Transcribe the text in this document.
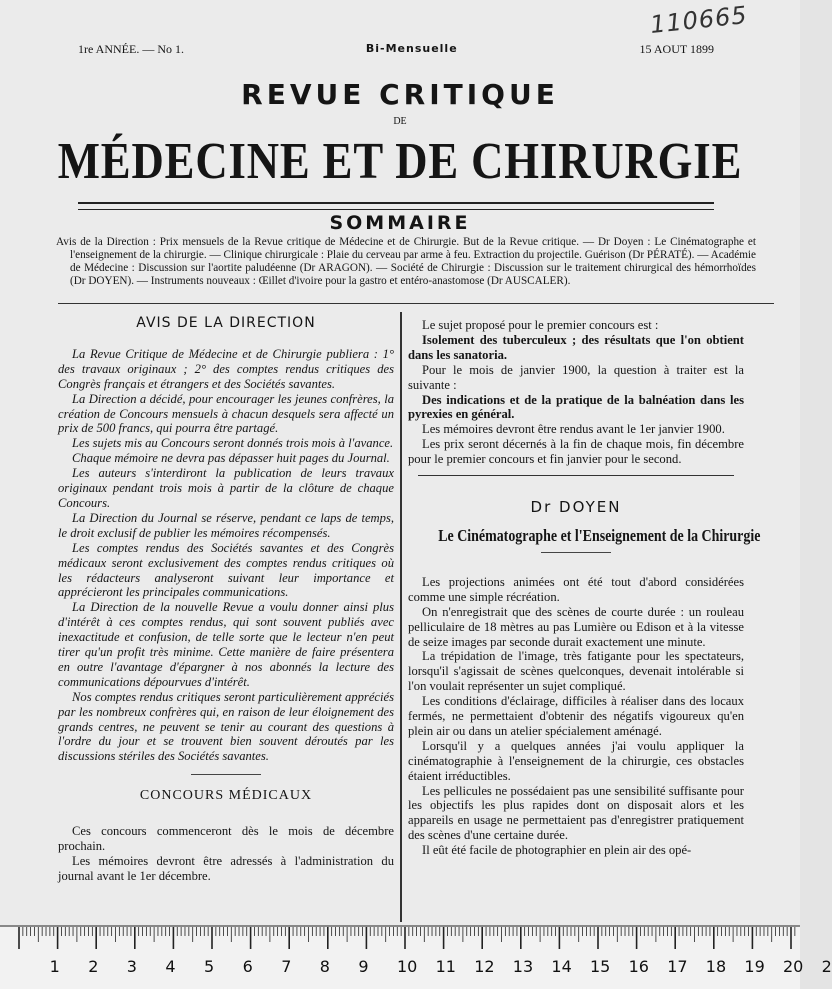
110665
1re ANNÉE. — No 1.	Bi-Mensuelle	15 AOUT 1899
REVUE CRITIQUE
DE
MÉDECINE ET DE CHIRURGIE
SOMMAIRE

Avis de la Direction : Prix mensuels de la Revue critique de Médecine et de Chirurgie. But de la Revue critique. — Dr Doyen : Le Cinématographe et l'enseignement de la chirurgie. — Clinique chirurgicale : Plaie du cerveau par arme à feu. Extraction du projectile. Guérison (Dr PÉRATÉ). — Académie de Médecine : Discussion sur l'aortite paludéenne (Dr ARAGON). — Société de Chirurgie : Discussion sur le traitement chirurgical des hémorrhoïdes (Dr DOYEN). — Instruments nouveaux : Œillet d'ivoire pour la gastro et entéro-anastomose (Dr AUSCALER).

AVIS DE LA DIRECTION

La Revue Critique de Médecine et de Chirurgie publiera : 1° des travaux originaux ; 2° des comptes rendus critiques des Congrès français et étrangers et des Sociétés savantes.

La Direction a décidé, pour encourager les jeunes confrères, la création de Concours mensuels à chacun desquels sera affecté un prix de 500 francs, qui pourra être partagé.

Les sujets mis au Concours seront donnés trois mois à l'avance.

Chaque mémoire ne devra pas dépasser huit pages du Journal.

Les auteurs s'interdiront la publication de leurs travaux originaux pendant trois mois à partir de la clôture de chaque Concours.

La Direction du Journal se réserve, pendant ce laps de temps, le droit exclusif de publier les mémoires récompensés.

Les comptes rendus des Sociétés savantes et des Congrès médicaux seront exclusivement des comptes rendus critiques où les rédacteurs analyseront suivant leur importance et apprécieront les principales communications.

La Direction de la nouvelle Revue a voulu donner ainsi plus d'intérêt à ces comptes rendus, qui sont souvent publiés avec inexactitude et confusion, de telle sorte que le lecteur n'en peut tirer qu'un profit très minime. Cette manière de faire présentera en outre l'avantage d'épargner à nos abonnés la lecture des communications dépourvues d'intérêt.

Nos comptes rendus critiques seront particulièrement appréciés par les nombreux confrères qui, en raison de leur éloignement des grands centres, ne peuvent se tenir au courant des questions à l'ordre du jour et se trouvent bien souvent déroutés par les discussions stériles des Sociétés savantes.

CONCOURS MÉDICAUX

Ces concours commenceront dès le mois de décembre prochain.

Les mémoires devront être adressés à l'administration du journal avant le 1er décembre.

Le sujet proposé pour le premier concours est :

Isolement des tuberculeux ; des résultats que l'on obtient dans les sanatoria.

Pour le mois de janvier 1900, la question à traiter est la suivante :

Des indications et de la pratique de la balnéation dans les pyrexies en général.

Les mémoires devront être rendus avant le 1er janvier 1900.

Les prix seront décernés à la fin de chaque mois, fin décembre pour le premier concours et fin janvier pour le second.

Dr DOYEN
Le Cinématographe et l'Enseignement de la Chirurgie

Les projections animées ont été tout d'abord considérées comme une simple récréation.

On n'enregistrait que des scènes de courte durée : un rouleau pelliculaire de 18 mètres au pas Lumière ou Edison et à la vitesse de seize images par seconde durait exactement une minute.

La trépidation de l'image, très fatigante pour les spectateurs, lorsqu'il s'agissait de scènes quelconques, devenait intolérable si l'on voulait représenter un sujet compliqué.

Les conditions d'éclairage, difficiles à réaliser dans des locaux fermés, ne permettaient d'obtenir des négatifs vigoureux qu'en plein air ou dans un atelier spécialement aménagé.

Lorsqu'il y a quelques années j'ai voulu appliquer la cinématographie à l'enseignement de la chirurgie, ces obstacles étaient irréductibles.

Les pellicules ne possédaient pas une sensibilité suffisante pour les objectifs les plus rapides dont on disposait alors et les appareils en usage ne permettaient pas d'enregistrer pratiquement des scènes d'une certaine durée.

Il eût été facile de photographier en plein air des opé-

1 2 3 4 5 6 7 8 9 10 11 12 13 14 15 16 17 18 19 20 2
